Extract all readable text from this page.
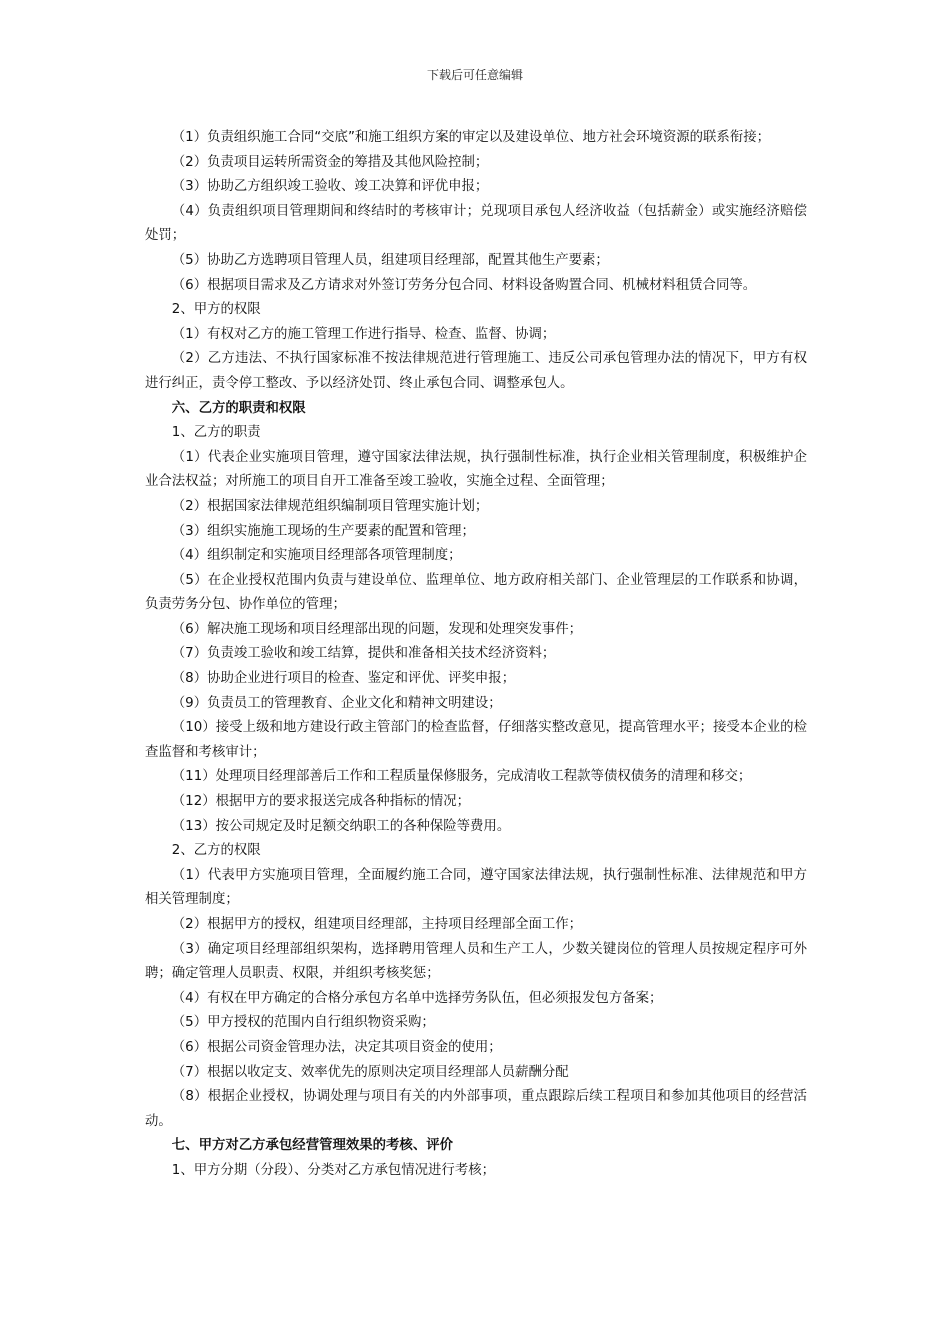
下载后可任意编辑

（1）负责组织施工合同“交底”和施工组织方案的审定以及建设单位、地方社会环境资源的联系衔接；

（2）负责项目运转所需资金的筹措及其他风险控制；

（3）协助乙方组织竣工验收、竣工决算和评优申报；

（4）负责组织项目管理期间和终结时的考核审计；兑现项目承包人经济收益（包括薪金）或实施经济赔偿处罚；

（5）协助乙方选聘项目管理人员，组建项目经理部，配置其他生产要素；

（6）根据项目需求及乙方请求对外签订劳务分包合同、材料设备购置合同、机械材料租赁合同等。

2、甲方的权限

（1）有权对乙方的施工管理工作进行指导、检查、监督、协调；

（2）乙方违法、不执行国家标准不按法律规范进行管理施工、违反公司承包管理办法的情况下，甲方有权进行纠正，责令停工整改、予以经济处罚、终止承包合同、调整承包人。

六、乙方的职责和权限

1、乙方的职责

（1）代表企业实施项目管理，遵守国家法律法规，执行强制性标准，执行企业相关管理制度，积极维护企业合法权益；对所施工的项目自开工准备至竣工验收，实施全过程、全面管理；

（2）根据国家法律规范组织编制项目管理实施计划；

（3）组织实施施工现场的生产要素的配置和管理；

（4）组织制定和实施项目经理部各项管理制度；

（5）在企业授权范围内负责与建设单位、监理单位、地方政府相关部门、企业管理层的工作联系和协调，负责劳务分包、协作单位的管理；

（6）解决施工现场和项目经理部出现的问题，发现和处理突发事件；

（7）负责竣工验收和竣工结算，提供和准备相关技术经济资料；

（8）协助企业进行项目的检查、鉴定和评优、评奖申报；

（9）负责员工的管理教育、企业文化和精神文明建设；

（10）接受上级和地方建设行政主管部门的检查监督，仔细落实整改意见，提高管理水平；接受本企业的检查监督和考核审计；

（11）处理项目经理部善后工作和工程质量保修服务，完成清收工程款等债权债务的清理和移交；

（12）根据甲方的要求报送完成各种指标的情况；

（13）按公司规定及时足额交纳职工的各种保险等费用。

2、乙方的权限

（1）代表甲方实施项目管理，全面履约施工合同，遵守国家法律法规，执行强制性标准、法律规范和甲方相关管理制度；

（2）根据甲方的授权，组建项目经理部，主持项目经理部全面工作；

（3）确定项目经理部组织架构，选择聘用管理人员和生产工人，少数关键岗位的管理人员按规定程序可外聘；确定管理人员职责、权限，并组织考核奖惩；

（4）有权在甲方确定的合格分承包方名单中选择劳务队伍，但必须报发包方备案；

（5）甲方授权的范围内自行组织物资采购；

（6）根据公司资金管理办法，决定其项目资金的使用；

（7）根据以收定支、效率优先的原则决定项目经理部人员薪酬分配

（8）根据企业授权，协调处理与项目有关的内外部事项，重点跟踪后续工程项目和参加其他项目的经营活动。

七、甲方对乙方承包经营管理效果的考核、评价

1、甲方分期（分段）、分类对乙方承包情况进行考核；
